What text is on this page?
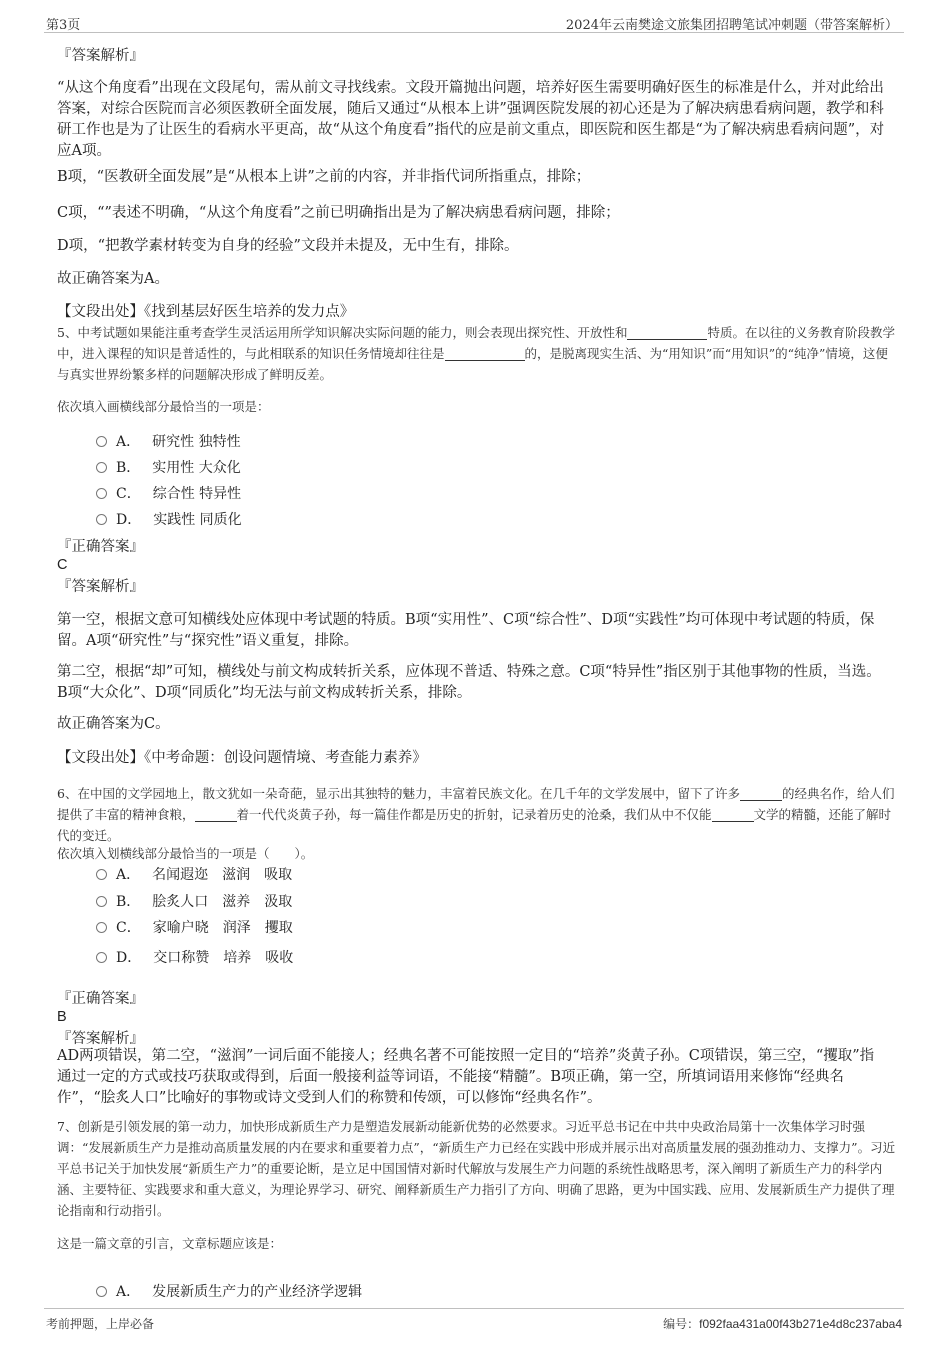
第3页	2024年云南樊途文旅集团招聘笔试冲刺题（带答案解析）
『答案解析』

“从这个角度看”出现在文段尾句，需从前文寻找线索。文段开篇抛出问题，培养好医生需要明确好医生的标准是什么，并对此给出答案，对综合医院而言必须医教研全面发展，随后又通过“从根本上讲”强调医院发展的初心还是为了解决病患看病问题，教学和科研工作也是为了让医生的看病水平更高，故“从这个角度看”指代的应是前文重点，即医院和医生都是“为了解决病患看病问题”，对应A项。

B项，“医教研全面发展”是“从根本上讲”之前的内容，并非指代词所指重点，排除；

C项，“”表述不明确，“从这个角度看”之前已明确指出是为了解决病患看病问题，排除；

D项，“把教学素材转变为自身的经验”文段并未提及，无中生有，排除。

故正确答案为A。

【文段出处】《找到基层好医生培养的发力点》

5、中考试题如果能注重考查学生灵活运用所学知识解决实际问题的能力，则会表现出探究性、开放性和	特质。在以往的义务教育阶段教学中，进入课程的知识是普适性的，与此相联系的知识任务情境却往往是	的，是脱离现实生活、为“用知识”而“用知识”的“纯净”情境，这便与真实世界纷繁多样的问题解决形成了鲜明反差。

依次填入画横线部分最恰当的一项是：

A． 研究性 独特性
B． 实用性 大众化
C． 综合性 特异性
D． 实践性 同质化
『正确答案』
C
『答案解析』

第一空，根据文意可知横线处应体现中考试题的特质。B项“实用性”、C项“综合性”、D项“实践性”均可体现中考试题的特质，保留。A项“研究性”与“探究性”语义重复，排除。

第二空，根据“却”可知，横线处与前文构成转折关系，应体现不普适、特殊之意。C项“特异性”指区别于其他事物的性质，当选。B项“大众化”、D项“同质化”均无法与前文构成转折关系，排除。

故正确答案为C。

【文段出处】《中考命题：创设问题情境、考查能力素养》

6、在中国的文学园地上，散文犹如一朵奇葩，显示出其独特的魅力，丰富着民族文化。在几千年的文学发展中，留下了许多	的经典名作，给人们提供了丰富的精神食粮，	着一代代炎黄子孙，每一篇佳作都是历史的折射，记录着历史的沧桑，我们从中不仅能	文学的精髓，还能了解时代的变迁。

依次填入划横线部分最恰当的一项是（　　）。

A． 名闻遐迩　滋润　吸取
B． 脍炙人口　滋养　汲取
C． 家喻户晓　润泽　攫取
D． 交口称赞　培养　吸收
『正确答案』
B
『答案解析』

AD两项错误，第二空，“滋润”一词后面不能接人；经典名著不可能按照一定目的“培养”炎黄子孙。C项错误，第三空，“攫取”指通过一定的方式或技巧获取或得到，后面一般接利益等词语，不能接“精髓”。B项正确，第一空，所填词语用来修饰“经典名作”，“脍炙人口”比喻好的事物或诗文受到人们的称赞和传颂，可以修饰“经典名作”。

7、创新是引领发展的第一动力，加快形成新质生产力是塑造发展新动能新优势的必然要求。习近平总书记在中共中央政治局第十一次集体学习时强调：“发展新质生产力是推动高质量发展的内在要求和重要着力点”，“新质生产力已经在实践中形成并展示出对高质量发展的强劲推动力、支撑力”。习近平总书记关于加快发展“新质生产力”的重要论断，是立足中国国情对新时代解放与发展生产力问题的系统性战略思考，深入阐明了新质生产力的科学内涵、主要特征、实践要求和重大意义，为理论界学习、研究、阐释新质生产力指引了方向、明确了思路，更为中国实践、应用、发展新质生产力提供了理论指南和行动指引。

这是一篇文章的引言，文章标题应该是：

A． 发展新质生产力的产业经济学逻辑
考前押题，上岸必备	编号：f092faa431a00f43b271e4d8c237aba4
